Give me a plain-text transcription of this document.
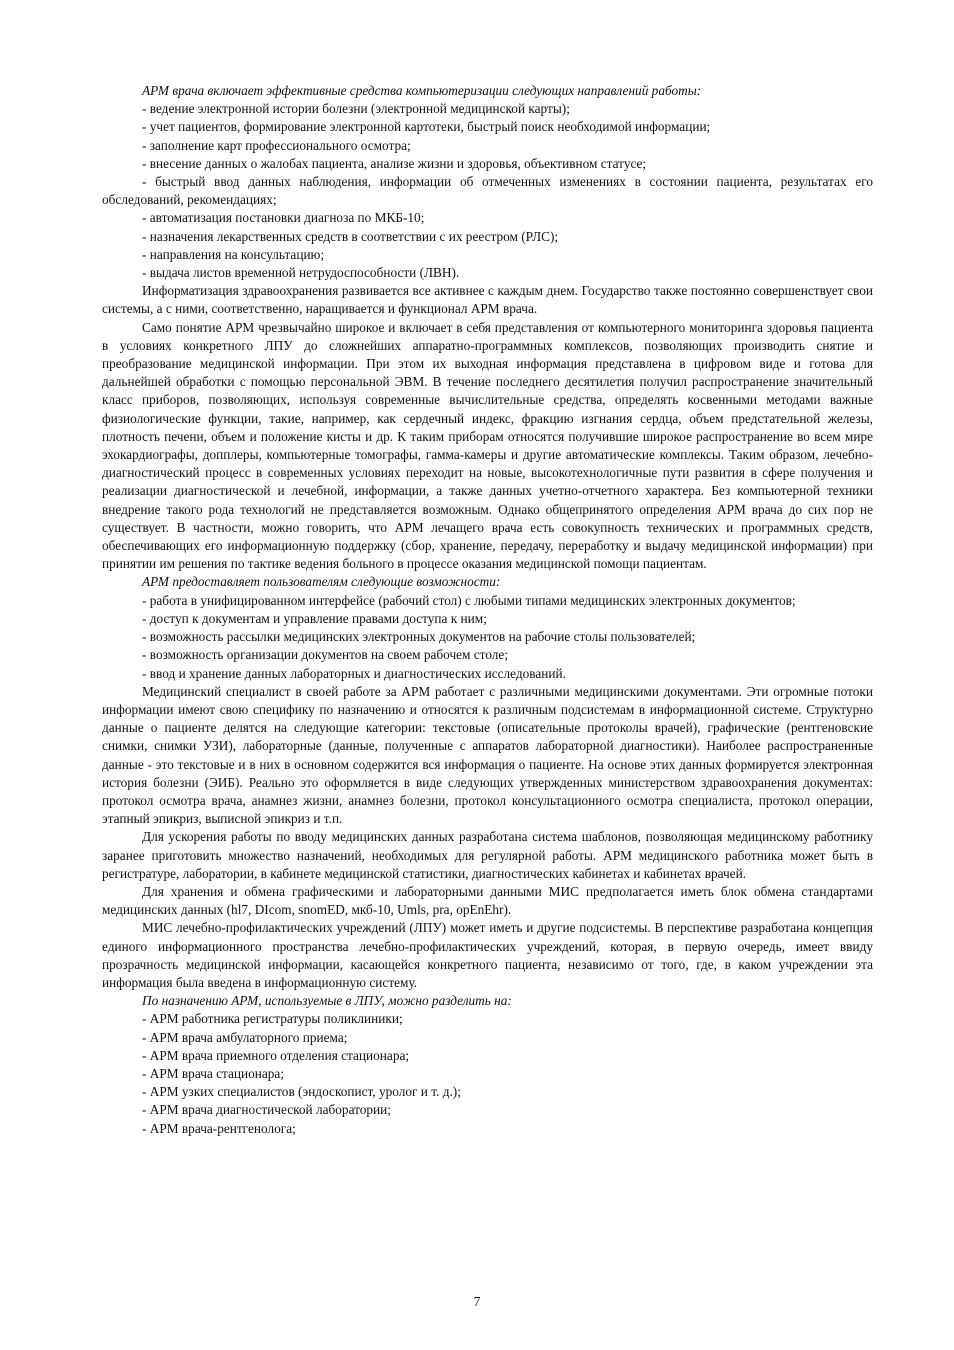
АРМ врача включает эффективные средства компьютеризации следующих направлений работы:

- ведение электронной истории болезни (электронной медицинской карты);

- учет пациентов, формирование электронной картотеки, быстрый поиск необходимой информации;

- заполнение карт профессионального осмотра;

- внесение данных о жалобах пациента, анализе жизни и здоровья, объективном статусе;

- быстрый ввод данных наблюдения, информации об отмеченных изменениях в состоянии пациента, результатах его обследований, рекомендациях;

- автоматизация постановки диагноза по МКБ-10;

- назначения лекарственных средств в соответствии с их реестром (РЛС);

- направления на консультацию;

- выдача листов временной нетрудоспособности (ЛВН).

Информатизация здравоохранения развивается все активнее с каждым днем. Государство также постоянно совершенствует свои системы, а с ними, соответственно, наращивается и функционал АРМ врача.

Само понятие АРМ чрезвычайно широкое и включает в себя представления от компьютерного мониторинга здоровья пациента в условиях конкретного ЛПУ до сложнейших аппаратно-программных комплексов, позволяющих производить снятие и преобразование медицинской информации. При этом их выходная информация представлена в цифровом виде и готова для дальнейшей обработки с помощью персональной ЭВМ. В течение последнего десятилетия получил распространение значительный класс приборов, позволяющих, используя современные вычислительные средства, определять косвенными методами важные физиологические функции, такие, например, как сердечный индекс, фракцию изгнания сердца, объем предстательной железы, плотность печени, объем и положение кисты и др. К таким приборам относятся получившие широкое распространение во всем мире эхокардиографы, допплеры, компьютерные томографы, гамма-камеры и другие автоматические комплексы. Таким образом, лечебно-диагностический процесс в современных условиях переходит на новые, высокотехнологичные пути развития в сфере получения и реализации диагностической и лечебной, информации, а также данных учетно-отчетного характера. Без компьютерной техники внедрение такого рода технологий не представляется возможным. Однако общепринятого определения АРМ врача до сих пор не существует. В частности, можно говорить, что АРМ лечащего врача есть совокупность технических и программных средств, обеспечивающих его информационную поддержку (сбор, хранение, передачу, переработку и выдачу медицинской информации) при принятии им решения по тактике ведения больного в процессе оказания медицинской помощи пациентам.

АРМ предоставляет пользователям следующие возможности:

- работа в унифицированном интерфейсе (рабочий стол) с любыми типами медицинских электронных документов;

- доступ к документам и управление правами доступа к ним;

- возможность рассылки медицинских электронных документов на рабочие столы пользователей;

- возможность организации документов на своем рабочем столе;

- ввод и хранение данных лабораторных и диагностических исследований.

Медицинский специалист в своей работе за АРМ работает с различными медицинскими документами. Эти огромные потоки информации имеют свою специфику по назначению и относятся к различным подсистемам в информационной системе. Структурно данные о пациенте делятся на следующие категории: текстовые (описательные протоколы врачей), графические (рентгеновские снимки, снимки УЗИ), лабораторные (данные, полученные с аппаратов лабораторной диагностики). Наиболее распространенные данные - это текстовые и в них в основном содержится вся информация о пациенте. На основе этих данных формируется электронная история болезни (ЭИБ). Реально это оформляется в виде следующих утвержденных министерством здравоохранения документах: протокол осмотра врача, анамнез жизни, анамнез болезни, протокол консультационного осмотра специалиста, протокол операции, этапный эпикриз, выписной эпикриз и т.п.

Для ускорения работы по вводу медицинских данных разработана система шаблонов, позволяющая медицинскому работнику заранее приготовить множество назначений, необходимых для регулярной работы. АРМ медицинского работника может быть в регистратуре, лаборатории, в кабинете медицинской статистики, диагностических кабинетах и кабинетах врачей.

Для хранения и обмена графическими и лабораторными данными МИС предполагается иметь блок обмена стандартами медицинских данных (hl7, DIcom, snomED, мкб-10, Umls, pra, opEnEhr).

МИС лечебно-профилактических учреждений (ЛПУ) может иметь и другие подсистемы. В перспективе разработана концепция единого информационного пространства лечебно-профилактических учреждений, которая, в первую очередь, имеет ввиду прозрачность медицинской информации, касающейся конкретного пациента, независимо от того, где, в каком учреждении эта информация была введена в информационную систему.

По назначению АРМ, используемые в ЛПУ, можно разделить на:

- АРМ работника регистратуры поликлиники;

- АРМ врача амбулаторного приема;

- АРМ врача приемного отделения стационара;

- АРМ врача стационара;

- АРМ узких специалистов (эндоскопист, уролог и т. д.);

- АРМ врача диагностической лаборатории;

- АРМ врача-рентгенолога;

7
